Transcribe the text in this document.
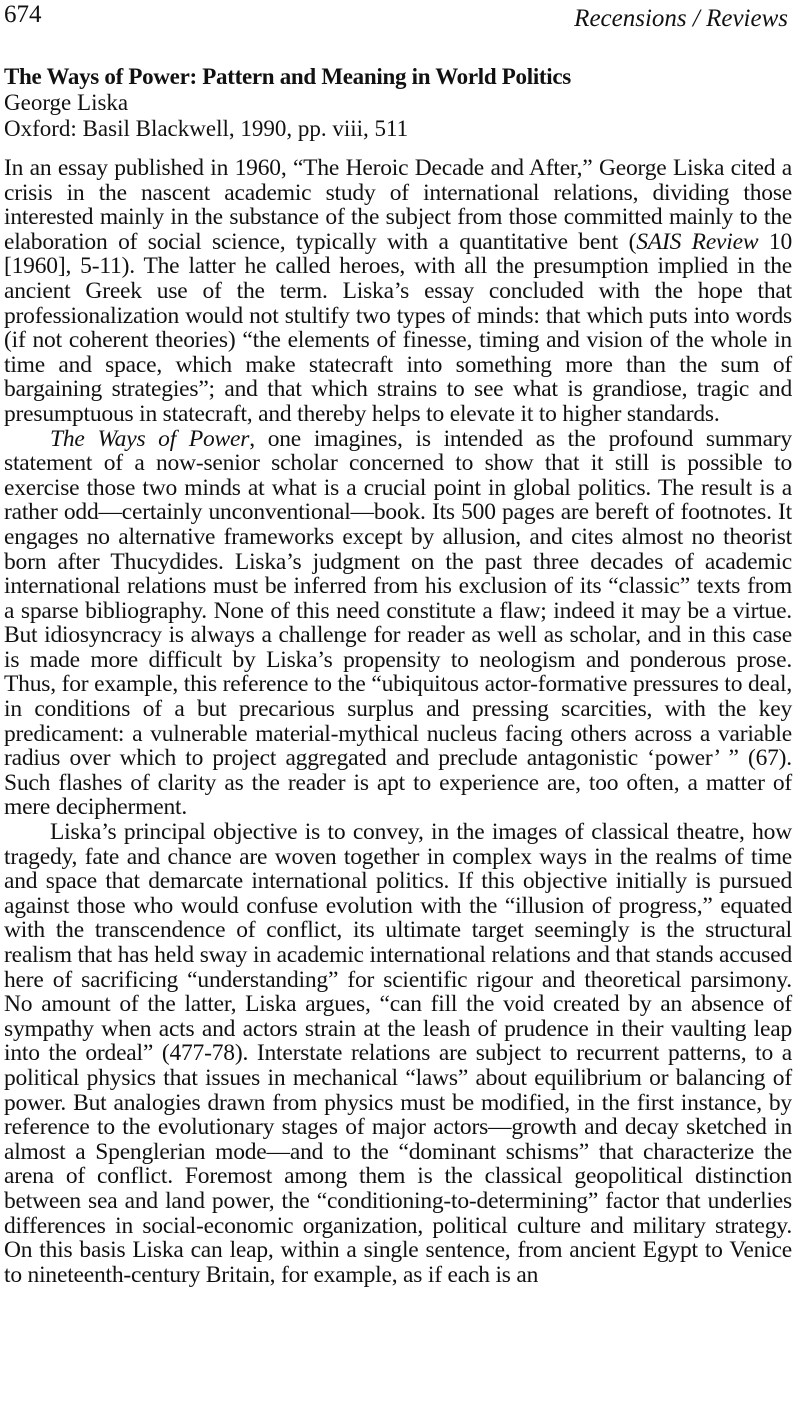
674	Recensions / Reviews
The Ways of Power: Pattern and Meaning in World Politics
George Liska
Oxford: Basil Blackwell, 1990, pp. viii, 511

In an essay published in 1960, “The Heroic Decade and After,” George Liska cited a crisis in the nascent academic study of international relations, dividing those interested mainly in the substance of the subject from those committed mainly to the elaboration of social science, typically with a quantitative bent (SAIS Review 10 [1960], 5-11). The latter he called heroes, with all the presumption implied in the ancient Greek use of the term. Liska’s essay concluded with the hope that professionalization would not stultify two types of minds: that which puts into words (if not coherent theories) “the elements of finesse, timing and vision of the whole in time and space, which make statecraft into something more than the sum of bargaining strategies”; and that which strains to see what is grandiose, tragic and presumptuous in statecraft, and thereby helps to elevate it to higher standards.

The Ways of Power, one imagines, is intended as the profound summary statement of a now-senior scholar concerned to show that it still is possible to exercise those two minds at what is a crucial point in global politics. The result is a rather odd—certainly unconventional—book. Its 500 pages are bereft of footnotes. It engages no alternative frameworks except by allusion, and cites almost no theorist born after Thucydides. Liska’s judgment on the past three decades of academic international relations must be inferred from his exclusion of its “classic” texts from a sparse bibliography. None of this need constitute a flaw; indeed it may be a virtue. But idiosyncracy is always a challenge for reader as well as scholar, and in this case is made more difficult by Liska’s propensity to neologism and ponderous prose. Thus, for example, this reference to the “ubiquitous actor-formative pressures to deal, in conditions of a but precarious surplus and pressing scarcities, with the key predicament: a vulnerable material-mythical nucleus facing others across a variable radius over which to project aggregated and preclude antagonistic ‘power’ ” (67). Such flashes of clarity as the reader is apt to experience are, too often, a matter of mere decipherment.

Liska’s principal objective is to convey, in the images of classical theatre, how tragedy, fate and chance are woven together in complex ways in the realms of time and space that demarcate international politics. If this objective initially is pursued against those who would confuse evolution with the “illusion of progress,” equated with the transcendence of conflict, its ultimate target seemingly is the structural realism that has held sway in academic international relations and that stands accused here of sacrificing “understanding” for scientific rigour and theoretical parsimony. No amount of the latter, Liska argues, “can fill the void created by an absence of sympathy when acts and actors strain at the leash of prudence in their vaulting leap into the ordeal” (477-78). Interstate relations are subject to recurrent patterns, to a political physics that issues in mechanical “laws” about equilibrium or balancing of power. But analogies drawn from physics must be modified, in the first instance, by reference to the evolutionary stages of major actors—growth and decay sketched in almost a Spenglerian mode—and to the “dominant schisms” that characterize the arena of conflict. Foremost among them is the classical geopolitical distinction between sea and land power, the “conditioning-to-determining” factor that underlies differences in social-economic organization, political culture and military strategy. On this basis Liska can leap, within a single sentence, from ancient Egypt to Venice to nineteenth-century Britain, for example, as if each is an
